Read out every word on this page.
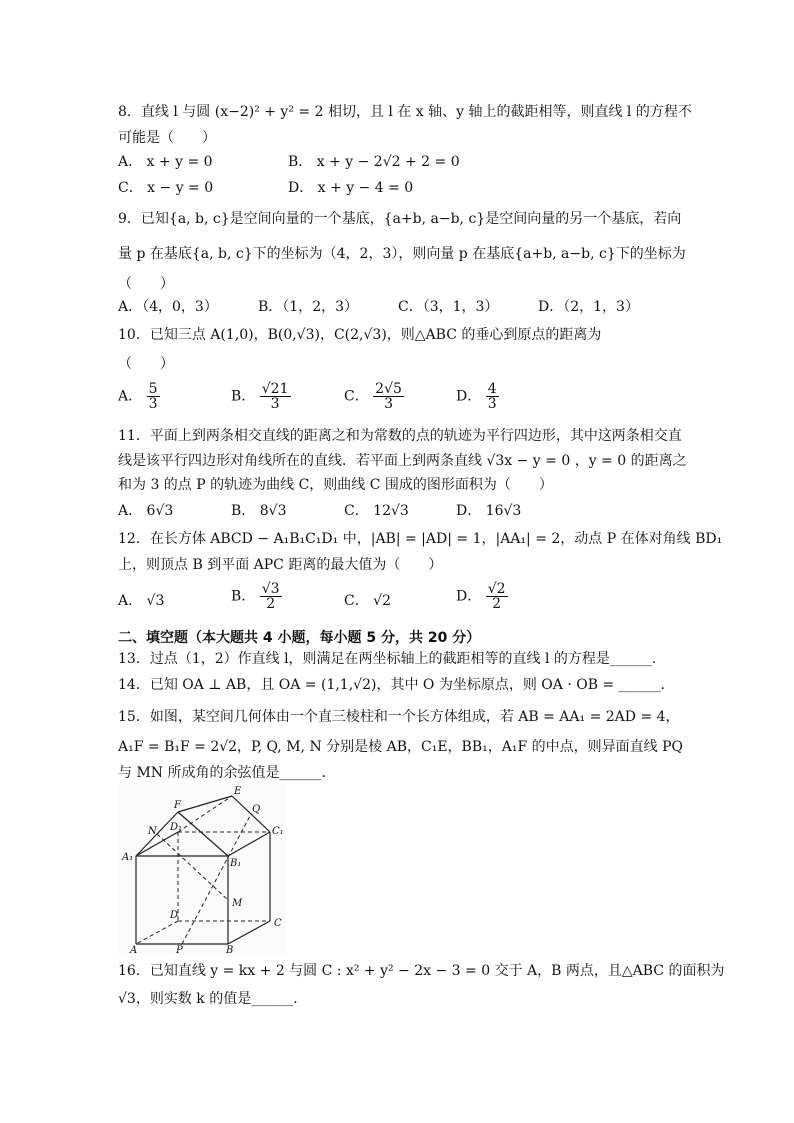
8．直线 l 与圆 (x−2)² + y² = 2 相切，且 l 在 x 轴、y 轴上的截距相等，则直线 l 的方程不
可能是（　　）
A． x + y = 0	B． x + y − 2√2 + 2 = 0
C． x − y = 0	D． x + y − 4 = 0
9．已知{a, b, c}是空间向量的一个基底，{a+b, a−b, c}是空间向量的另一个基底，若向
量 p 在基底{a, b, c}下的坐标为（4，2，3），则向量 p 在基底{a+b, a−b, c}下的坐标为
（　　）
A．（4，0，3）	B．（1，2，3）	C．（3，1，3）	D．（2，1，3）
10．已知三点 A(1,0)，B(0,√3)，C(2,√3)，则△ABC 的垂心到原点的距离为
（　　）
A． $\frac{5}{3}$	B． $\frac{√21}{3}$	C． $\frac{2√5}{3}$	D． $\frac{4}{3}$
11．平面上到两条相交直线的距离之和为常数的点的轨迹为平行四边形，其中这两条相交直
线是该平行四边形对角线所在的直线．若平面上到两条直线 √3x − y = 0 ，y = 0 的距离之
和为 3 的点 P 的轨迹为曲线 C，则曲线 C 围成的图形面积为（　　）
A． 6√3	B． 8√3	C． 12√3	D． 16√3
12．在长方体 ABCD − A₁B₁C₁D₁ 中，|AB| = |AD| = 1，|AA₁| = 2，动点 P 在体对角线 BD₁
上，则顶点 B 到平面 APC 距离的最大值为（　　）
A． √3	B． $\frac{√3}{2}$	C． √2	D． $\frac{√2}{2}$
二、填空题（本大题共 4 小题，每小题 5 分，共 20 分）
13．过点（1，2）作直线 l，则满足在两坐标轴上的截距相等的直线 l 的方程是______．
14．已知 OA ⊥ AB，且 OA = (1,1,√2)，其中 O 为坐标原点，则 OA · OB = ______．
15．如图，某空间几何体由一个直三棱柱和一个长方体组成，若 AB = AA₁ = 2AD = 4，
A₁F = B₁F = 2√2，P, Q, M, N 分别是棱 AB，C₁E，BB₁，A₁F 的中点，则异面直线 PQ
与 MN 所成角的余弦值是______．
E
F	Q
N D₁	C₁
A₁
B₁
M
D
C
A	P	B
16．已知直线 y = kx + 2 与圆 C : x² + y² − 2x − 3 = 0 交于 A，B 两点，且△ABC 的面积为
√3，则实数 k 的值是______．
